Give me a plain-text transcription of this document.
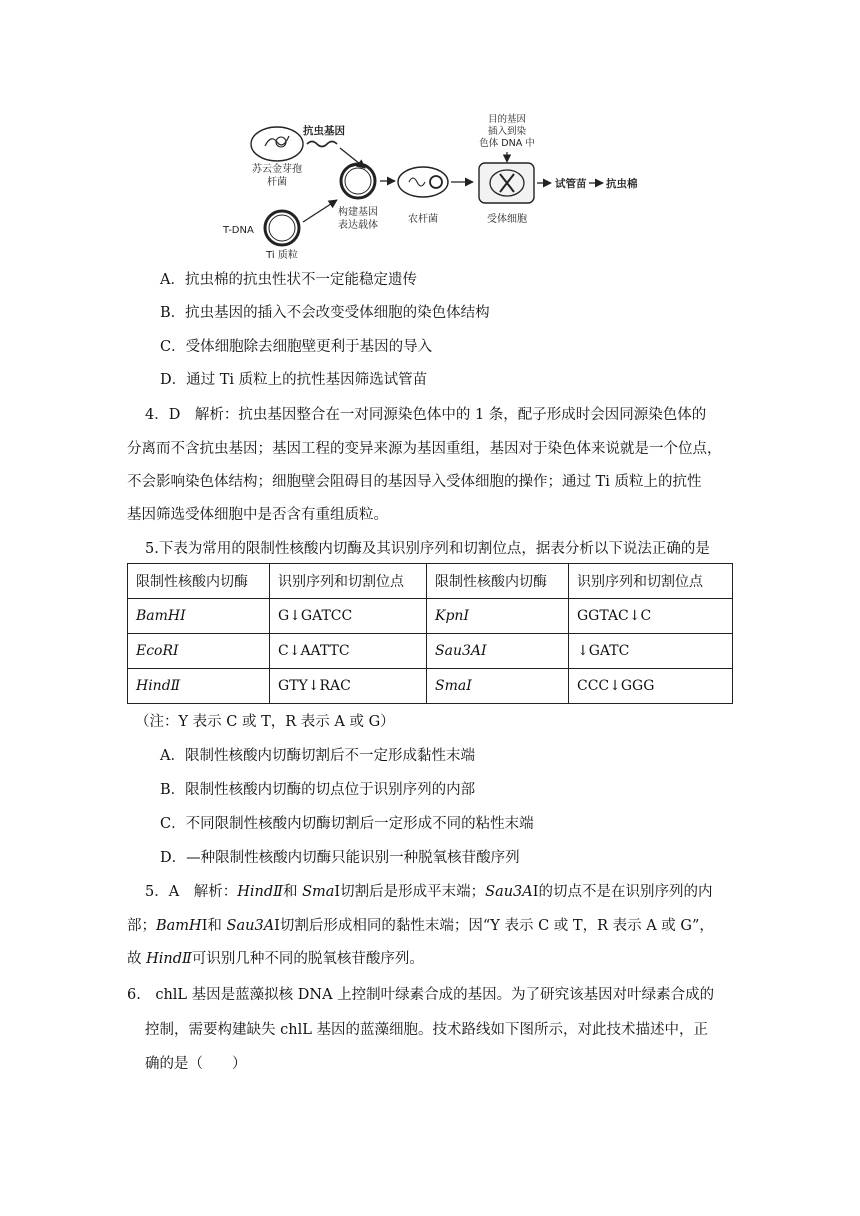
苏云金芽孢杆菌
抗虫基因
T-DNA
Ti 质粒
构建基因表达载体
农杆菌
目的基因插入到染色体 DNA 中
受体细胞
试管苗 抗虫棉
A．抗虫棉的抗虫性状不一定能稳定遗传
B．抗虫基因的插入不会改变受体细胞的染色体结构
C．受体细胞除去细胞壁更利于基因的导入
D．通过 Ti 质粒上的抗性基因筛选试管苗
4．D　解析：抗虫基因整合在一对同源染色体中的 1 条，配子形成时会因同源染色体的
分离而不含抗虫基因；基因工程的变异来源为基因重组，基因对于染色体来说就是一个位点，
不会影响染色体结构；细胞壁会阻碍目的基因导入受体细胞的操作；通过 Ti 质粒上的抗性
基因筛选受体细胞中是否含有重组质粒。
5.下表为常用的限制性核酸内切酶及其识别序列和切割位点，据表分析以下说法正确的是
限制性核酸内切酶	识别序列和切割位点	限制性核酸内切酶	识别序列和切割位点
BamHⅠ	G↓GATCC	KpnⅠ	GGTAC↓C
EcoRⅠ	C↓AATTC	Sau3AⅠ	↓GATC
HindⅡ	GTY↓RAC	SmaⅠ	CCC↓GGG
（注：Y 表示 C 或 T，R 表示 A 或 G）
A．限制性核酸内切酶切割后不一定形成黏性末端
B．限制性核酸内切酶的切点位于识别序列的内部
C．不同限制性核酸内切酶切割后一定形成不同的粘性末端
D．—种限制性核酸内切酶只能识别一种脱氧核苷酸序列
5．A　解析：HindⅡ和 SmaⅠ切割后是形成平末端；Sau3AⅠ的切点不是在识别序列的内
部；BamHⅠ和 Sau3AⅠ切割后形成相同的黏性末端；因“Y 表示 C 或 T，R 表示 A 或 G”，
故 HindⅡ可识别几种不同的脱氧核苷酸序列。
6.　chlL 基因是蓝藻拟核 DNA 上控制叶绿素合成的基因。为了研究该基因对叶绿素合成的
控制，需要构建缺失 chlL 基因的蓝藻细胞。技术路线如下图所示，对此技术描述中，正
确的是（　　）
